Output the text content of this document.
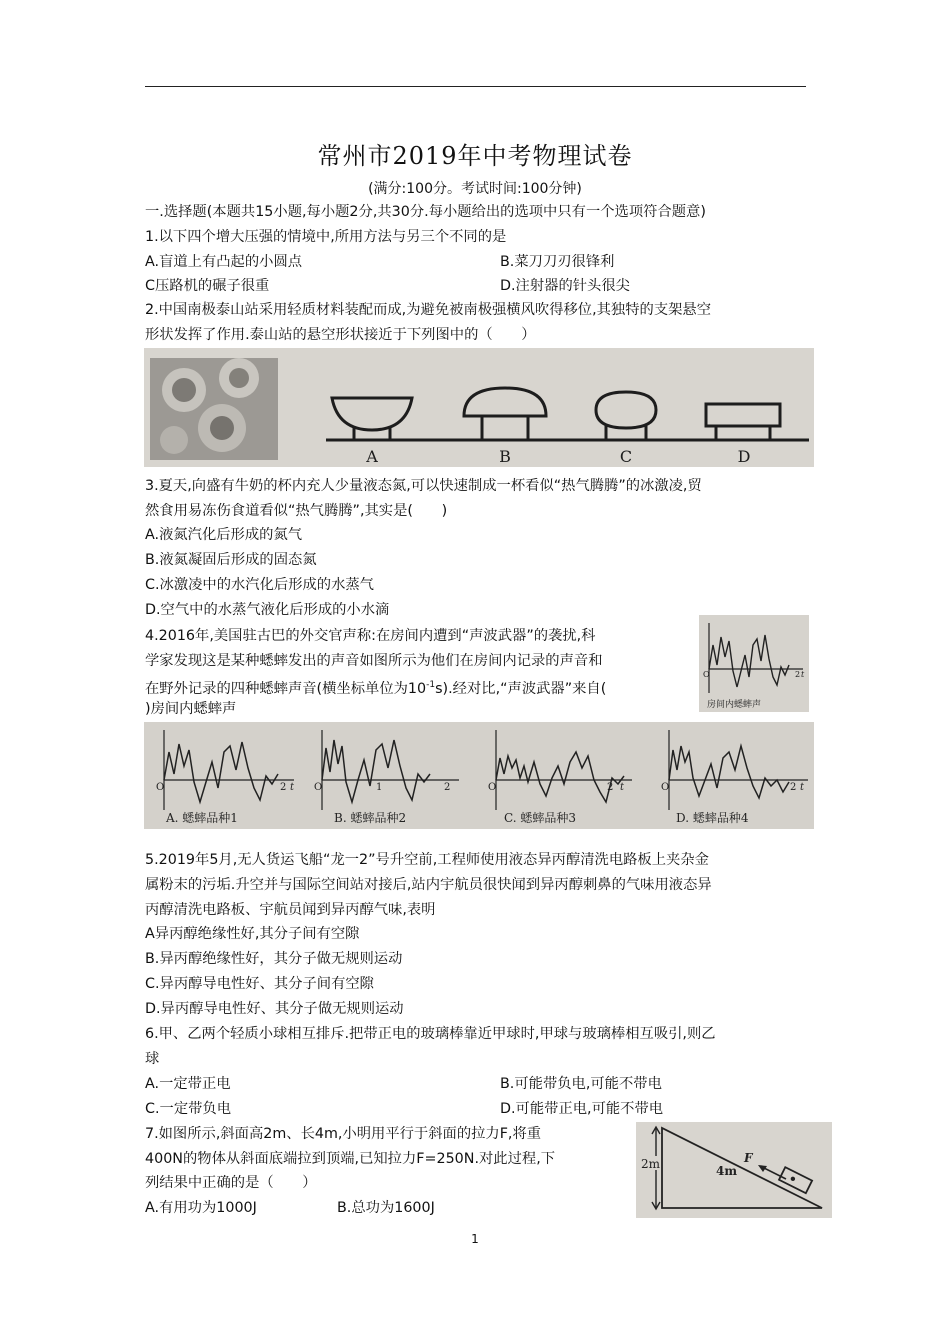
常州市2019年中考物理试卷
(满分:100分。考试时间:100分钟)
一.选择题(本题共15小题,每小题2分,共30分.每小题给出的选项中只有一个选项符合题意)
1.以下四个增大压强的情境中,所用方法与另三个不同的是
A.盲道上有凸起的小圆点	B.菜刀刀刃很锋利
C压路机的碾子很重	D.注射器的针头很尖
2.中国南极泰山站采用轻质材料装配而成,为避免被南极强横风吹得移位,其独特的支架悬空
形状发挥了作用.泰山站的悬空形状接近于下列图中的（　　）
A	B	C	D
3.夏天,向盛有牛奶的杯内充人少量液态氮,可以快速制成一杯看似“热气腾腾”的冰激凌,贸
然食用易冻伤食道看似“热气腾腾”,其实是(　　)
A.液氮汽化后形成的氮气
B.液氮凝固后形成的固态氮
C.冰激凌中的水汽化后形成的水蒸气
D.空气中的水蒸气液化后形成的小水滴
4.2016年,美国驻古巴的外交官声称:在房间内遭到“声波武器”的袭扰,科
学家发现这是某种蟋蟀发出的声音如图所示为他们在房间内记录的声音和
在野外记录的四种蟋蟀声音(横坐标单位为$10^{-1}s$).经对比,“声波武器”来自(
)房间内蟋蟀声
O	2 t
房间内蟋蟀声
O	2 t
A. 蟋蟀品种1
O	1	2
B. 蟋蟀品种2
O	2 t
C. 蟋蟀品种3
O	2 t
D. 蟋蟀品种4
5.2019年5月,无人货运飞船“龙一2”号升空前,工程师使用液态异丙醇清洗电路板上夹杂金
属粉末的污垢.升空并与国际空间站对接后,站内宇航员很快闻到异丙醇刺鼻的气味用液态异
丙醇清洗电路板、宇航员闻到异丙醇气味,表明
A异丙醇绝缘性好,其分子间有空隙
B.异丙醇绝缘性好，其分子做无规则运动
C.异丙醇导电性好、其分子间有空隙
D.异丙醇导电性好、其分子做无规则运动
6.甲、乙两个轻质小球相互排斥.把带正电的玻璃棒靠近甲球时,甲球与玻璃棒相互吸引,则乙
球
A.一定带正电	B.可能带负电,可能不带电
C.一定带负电	D.可能带正电,可能不带电
7.如图所示,斜面高2m、长4m,小明用平行于斜面的拉力F,将重
400N的物体从斜面底端拉到顶端,已知拉力F=250N.对此过程,下
列结果中正确的是（　　）
A.有用功为1000J	B.总功为1600J
2m	F
4m
1
